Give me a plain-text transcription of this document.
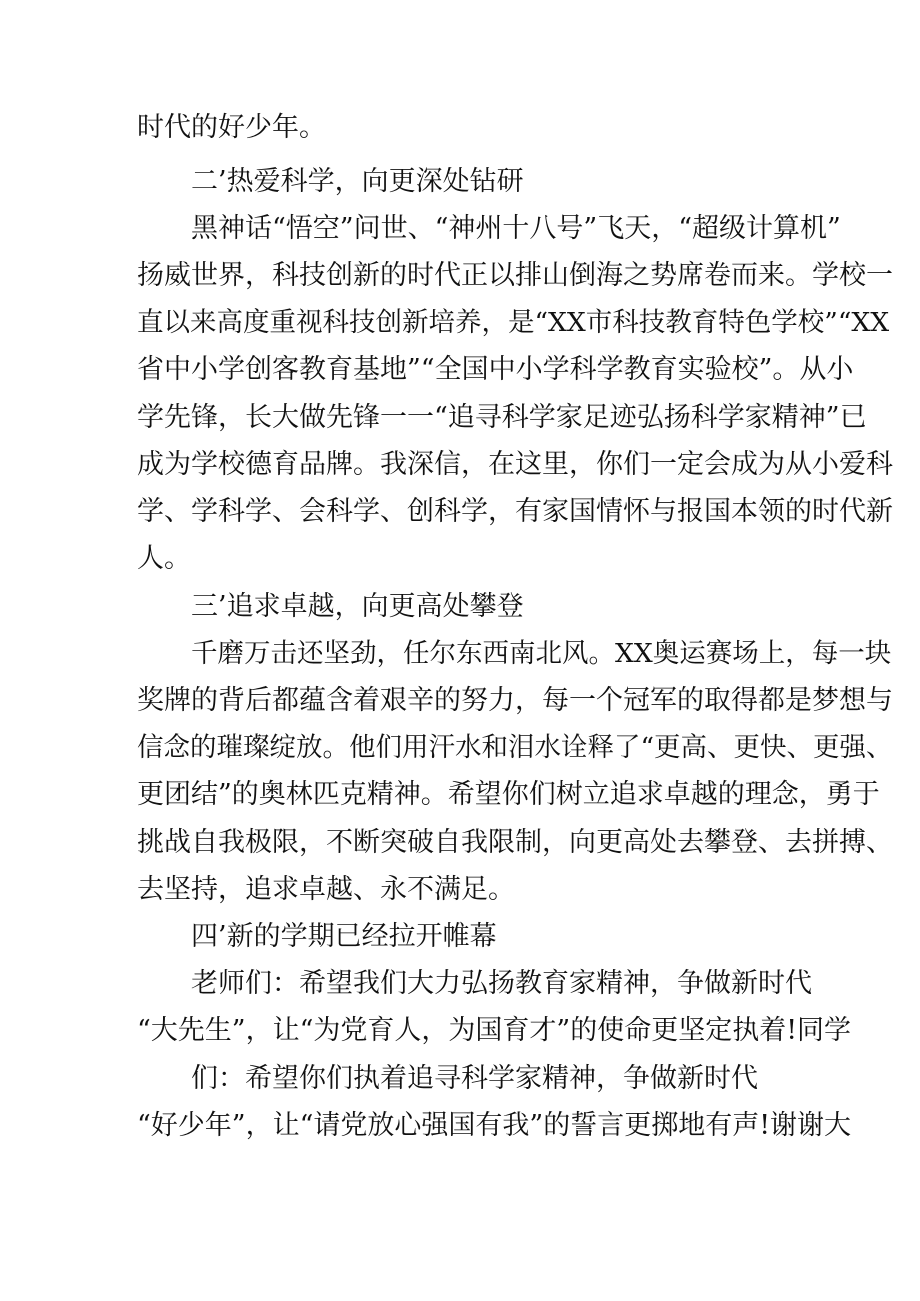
时代的好少年。

二’热爱科学，向更深处钻研

黑神话“悟空”问世、“神州十八号”飞天，“超级计算机”

扬威世界，科技创新的时代正以排山倒海之势席卷而来。学校一

直以来高度重视科技创新培养，是“XX市科技教育特色学校”“XX

省中小学创客教育基地”“全国中小学科学教育实验校”。从小

学先锋，长大做先锋一一“追寻科学家足迹弘扬科学家精神”已

成为学校德育品牌。我深信，在这里，你们一定会成为从小爱科

学、学科学、会科学、创科学，有家国情怀与报国本领的时代新

人。

三’追求卓越，向更高处攀登

千磨万击还坚劲，任尔东西南北风。XX奥运赛场上，每一块

奖牌的背后都蕴含着艰辛的努力，每一个冠军的取得都是梦想与

信念的璀璨绽放。他们用汗水和泪水诠释了“更高、更快、更强、

更团结”的奥林匹克精神。希望你们树立追求卓越的理念，勇于

挑战自我极限，不断突破自我限制，向更高处去攀登、去拼搏、

去坚持，追求卓越、永不满足。

四’新的学期已经拉开帷幕

老师们：希望我们大力弘扬教育家精神，争做新时代

“大先生”，让“为党育人，为国育才”的使命更坚定执着!同学

们：希望你们执着追寻科学家精神，争做新时代

“好少年”，让“请党放心强国有我”的誓言更掷地有声!谢谢大
